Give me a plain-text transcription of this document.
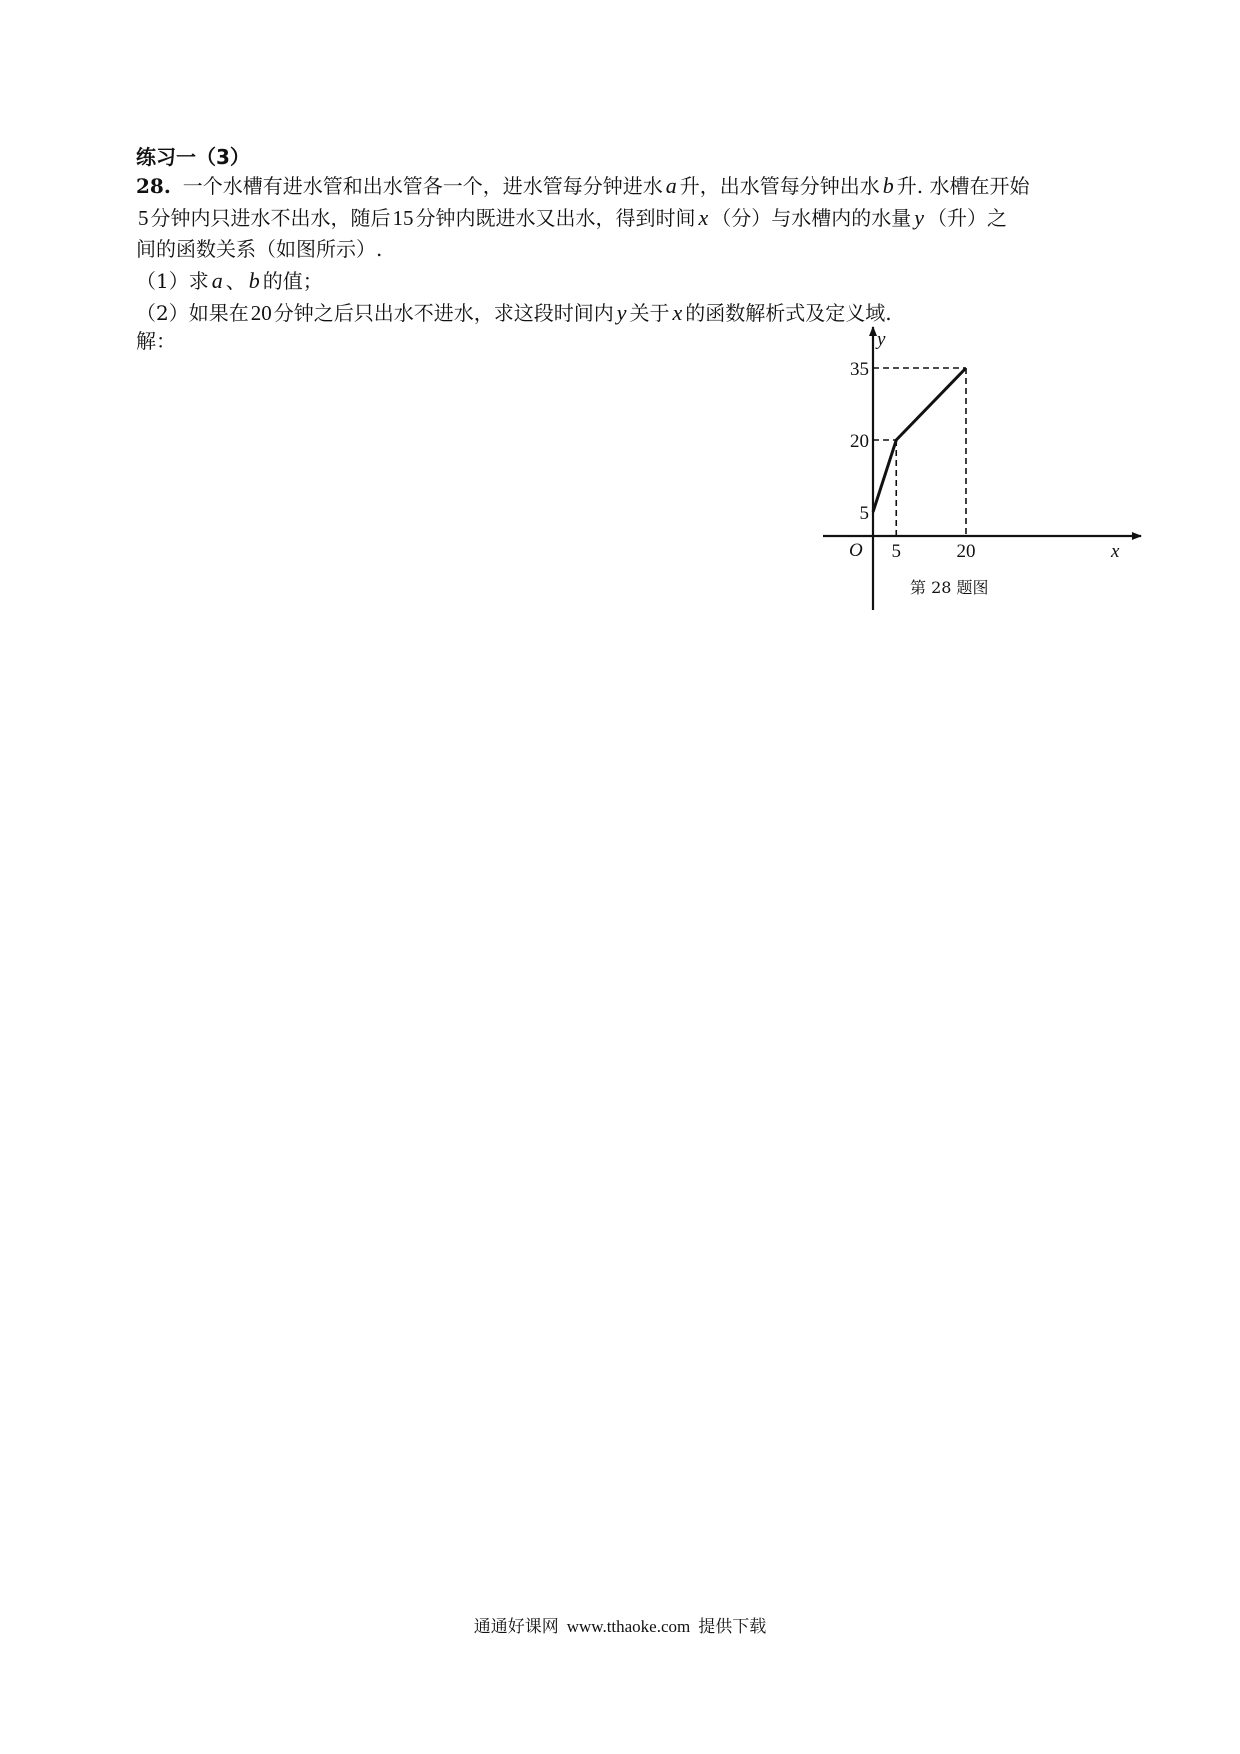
练习一（3）
28. 一个水槽有进水管和出水管各一个，进水管每分钟进水 a 升，出水管每分钟出水 b 升. 水槽在开始
5 分钟内只进水不出水，随后15 分钟内既进水又出水，得到时间 x （分）与水槽内的水量 y （升）之
间的函数关系（如图所示）.
（1）求 a 、 b 的值；
（2）如果在20 分钟之后只出水不进水，求这段时间内 y 关于 x 的函数解析式及定义域.
解：	y
x
O
第 28 题图
5	20
5
20
35
通通好课网 www.tthaoke.com 提供下载
